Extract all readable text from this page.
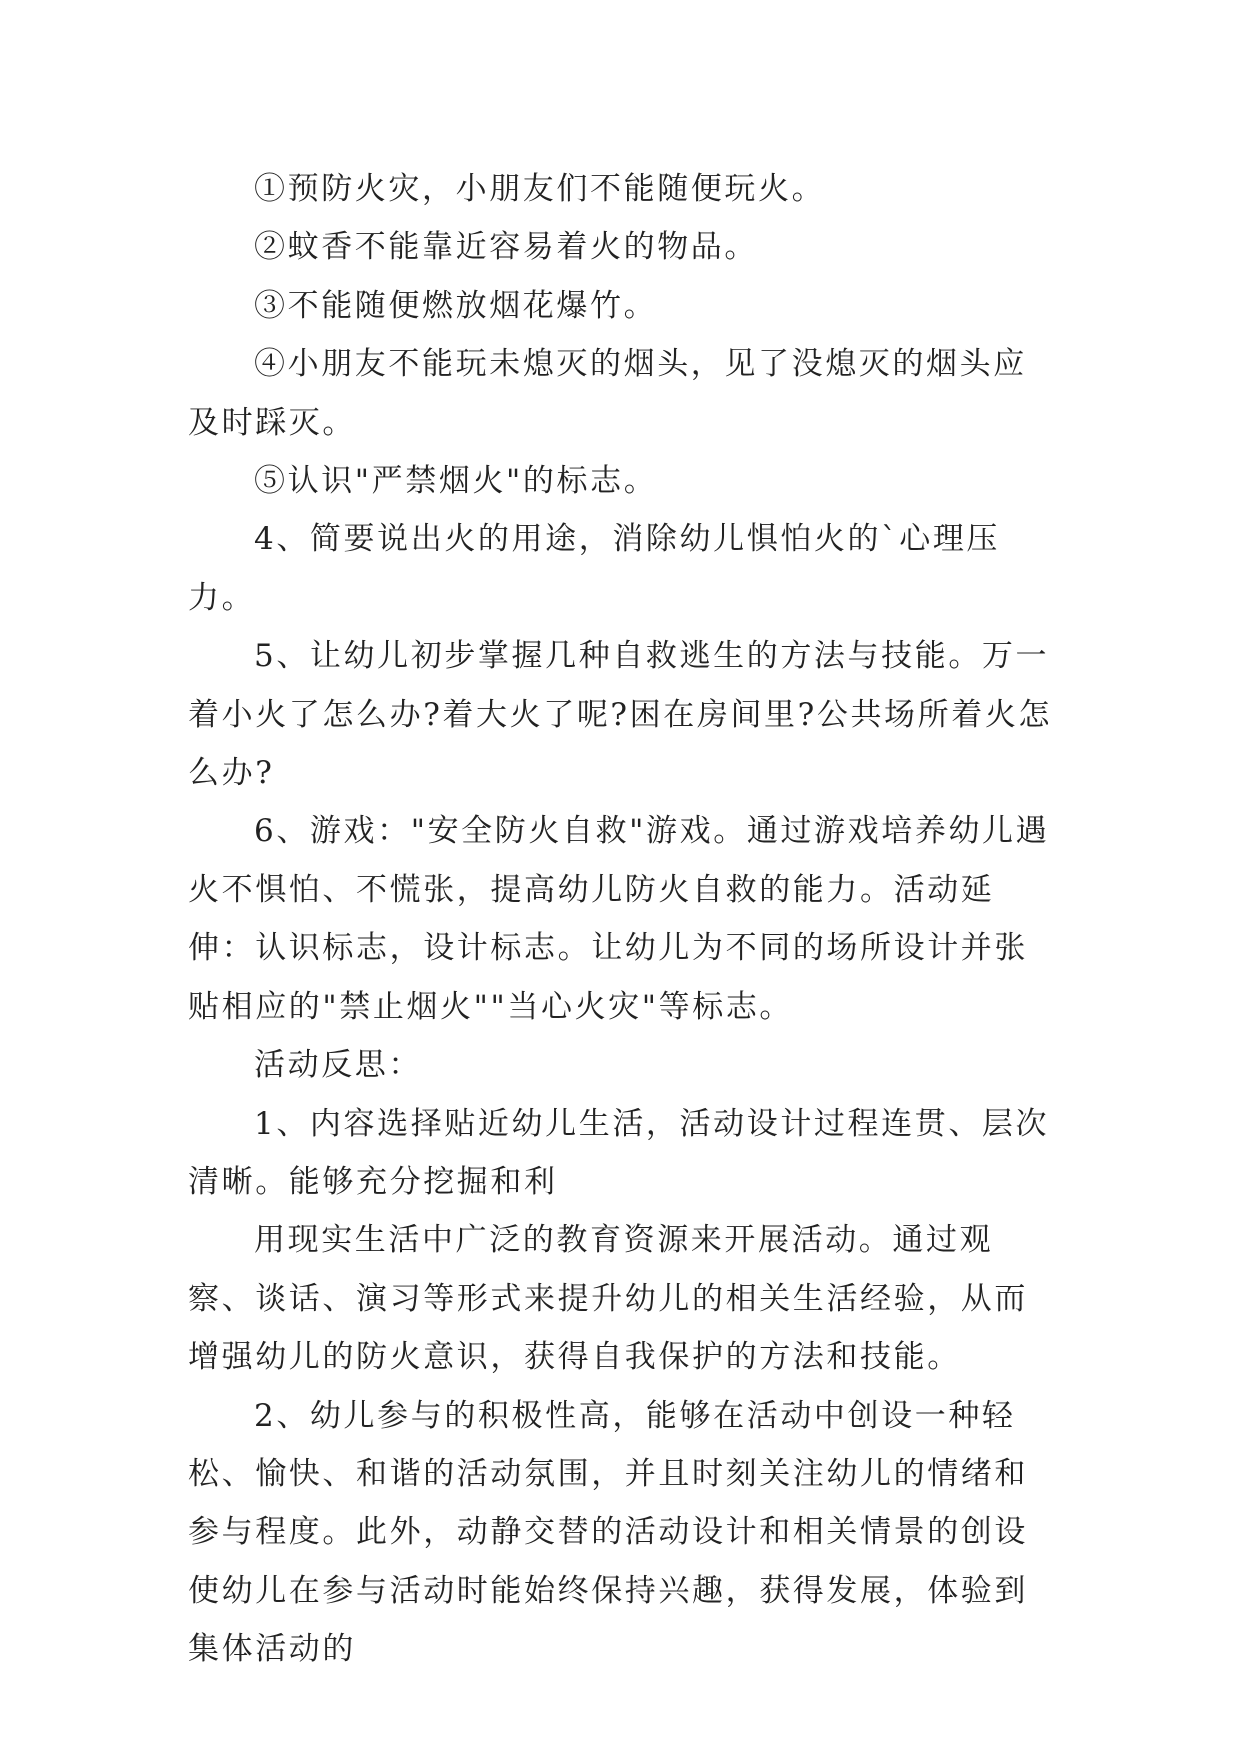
①预防火灾，小朋友们不能随便玩火。

②蚊香不能靠近容易着火的物品。

③不能随便燃放烟花爆竹。

④小朋友不能玩未熄灭的烟头，见了没熄灭的烟头应及时踩灭。

⑤认识"严禁烟火"的标志。

4、简要说出火的用途，消除幼儿惧怕火的`心理压力。

5、让幼儿初步掌握几种自救逃生的方法与技能。万一着小火了怎么办?着大火了呢?困在房间里?公共场所着火怎么办?

6、游戏："安全防火自救"游戏。通过游戏培养幼儿遇火不惧怕、不慌张，提高幼儿防火自救的能力。活动延伸：认识标志，设计标志。让幼儿为不同的场所设计并张贴相应的"禁止烟火""当心火灾"等标志。

活动反思：

1、内容选择贴近幼儿生活，活动设计过程连贯、层次清晰。能够充分挖掘和利

用现实生活中广泛的教育资源来开展活动。通过观察、谈话、演习等形式来提升幼儿的相关生活经验，从而增强幼儿的防火意识，获得自我保护的方法和技能。

2、幼儿参与的积极性高，能够在活动中创设一种轻松、愉快、和谐的活动氛围，并且时刻关注幼儿的情绪和参与程度。此外，动静交替的活动设计和相关情景的创设使幼儿在参与活动时能始终保持兴趣，获得发展，体验到集体活动的
